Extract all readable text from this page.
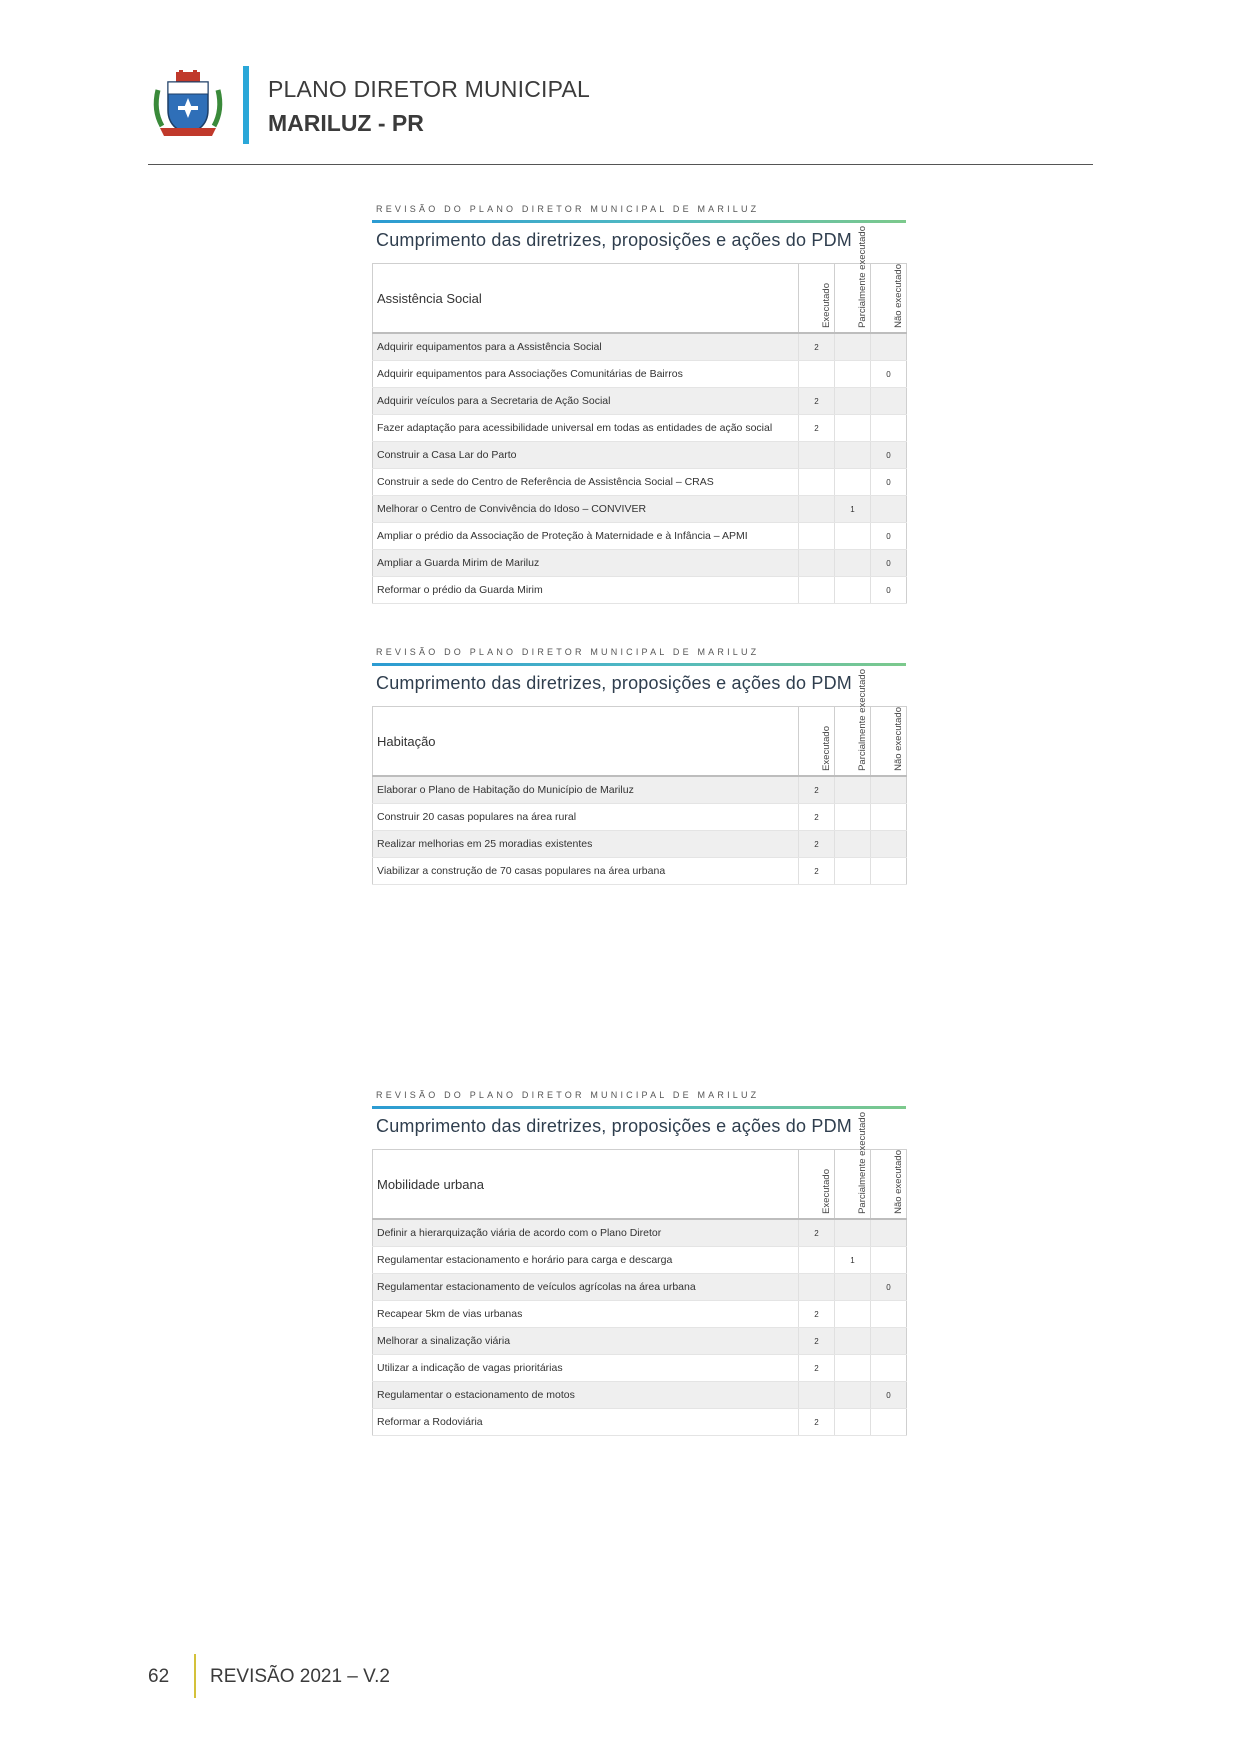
PLANO DIRETOR MUNICIPAL
MARILUZ - PR
REVISÃO DO PLANO DIRETOR MUNICIPAL DE MARILUZ
Cumprimento das diretrizes, proposições e ações do PDM
Assistência Social	Executado	Parcialmente executado	Não executado

Adquirir equipamentos para a Assistência Social	2		
Adquirir equipamentos para Associações Comunitárias de Bairros			0
Adquirir veículos para a Secretaria de Ação Social	2		
Fazer adaptação para acessibilidade universal em todas as entidades de ação social	2		
Construir a Casa Lar do Parto			0
Construir a sede do Centro de Referência de Assistência Social – CRAS			0
Melhorar o Centro de Convivência do Idoso – CONVIVER		1	
Ampliar o prédio da Associação de Proteção à Maternidade e à Infância – APMI			0
Ampliar a Guarda Mirim de Mariluz			0
Reformar o prédio da Guarda Mirim			0
REVISÃO DO PLANO DIRETOR MUNICIPAL DE MARILUZ
Cumprimento das diretrizes, proposições e ações do PDM
Habitação	Executado	Parcialmente executado	Não executado

Elaborar o Plano de Habitação do Município de Mariluz	2		
Construir 20 casas populares na área rural	2		
Realizar melhorias em 25 moradias existentes	2		
Viabilizar a construção de 70 casas populares na área urbana	2		
REVISÃO DO PLANO DIRETOR MUNICIPAL DE MARILUZ
Cumprimento das diretrizes, proposições e ações do PDM
Mobilidade urbana	Executado	Parcialmente executado	Não executado

Definir a hierarquização viária de acordo com o Plano Diretor	2		
Regulamentar estacionamento e horário para carga e descarga		1	
Regulamentar estacionamento de veículos agrícolas na área urbana			0
Recapear 5km de vias urbanas	2		
Melhorar a sinalização viária	2		
Utilizar a indicação de vagas prioritárias	2		
Regulamentar o estacionamento de motos			0
Reformar a Rodoviária	2		
62 REVISÃO 2021 – V.2
